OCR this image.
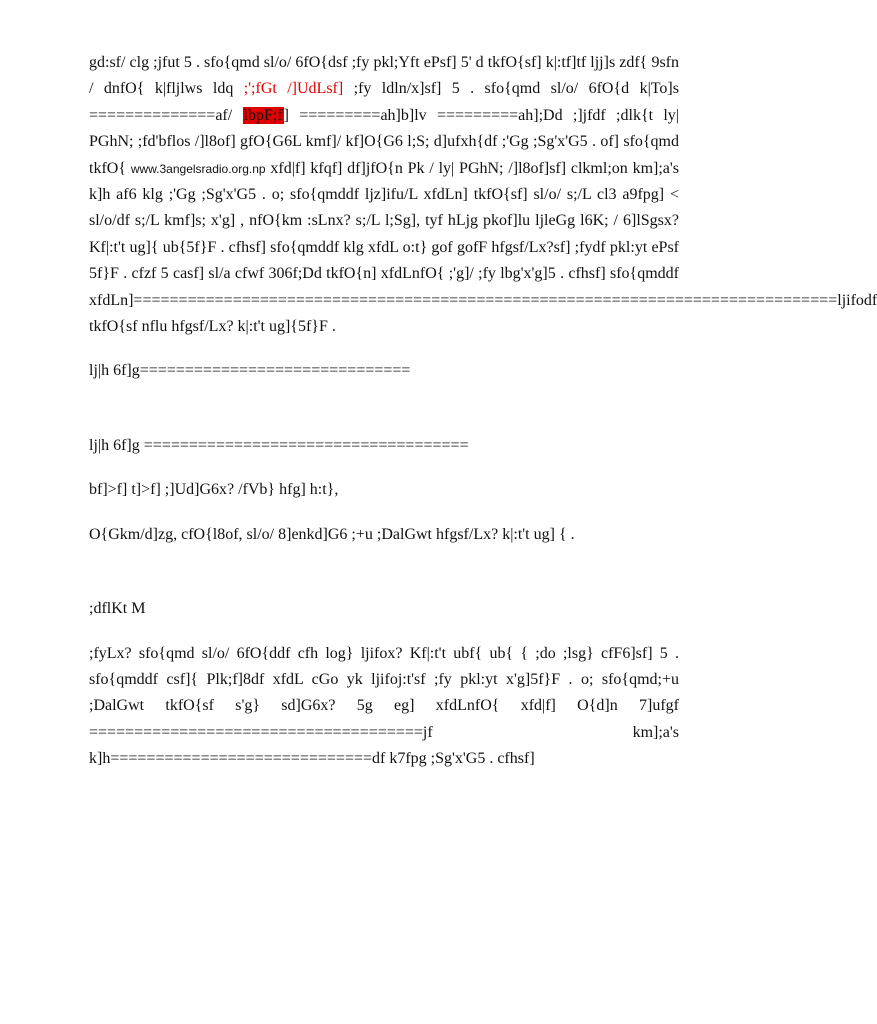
gd:sf/ clg ;jfut 5 . sfo{qmd sl/o/ 6fO{dsf ;fy pkl;Yft ePsf] 5' d tkfO{sf] k|:tf]tf ljj]s zdf{ 9sfn / dnfO{ k|fljlws ldq ;';fGt /]UdLsf] ;fy ldln/x]sf] 5 . sfo{qmd sl/o/ 6fO{d k|To]s ==============af/ lbpF;f] =========ah]b]lv =========ah];Dd ;]jfdf ;dlk{t ly| PGhN; ;fd'bflos /]l8of] gfO{G6L kmf]/ kf]O{G6 l;S; d]ufxh{df ;'Gg ;Sg'x'G5 . of] sfo{qmd tkfO{ www.3angelsradio.org.np xfd|f] kfqf] df]jfO{n Pk / ly| PGhN; /]l8of]sf] clkml;on km];a's k]h af6 klg ;'Gg ;Sg'x'G5 . o; sfo{qmddf ljz]ifu/L xfdLn] tkfO{sf] sl/o/ s;/L cl3 a9fpg] < sl/o/df s;/L kmf]s; x'g] , nfO{km :sLnx? s;/L l;Sg], tyf hLjg pkof]lu ljleGg l6K; / 6]lSgsx? Kf|:t't ug]{ ub{5f}F . cfhsf] sfo{qmddf klg xfdL o:t} gof gofF hfgsf/Lx?sf] ;fydf pkl:yt ePsf 5f}F . cfzf 5 casf] sl/a cfwf 306f;Dd tkfO{n] xfdLnfO{ ;'g]/ ;fy lbg'x'g]5 . cfhsf] sfo{qmddf xfdLn]==============================================================================ljifodf tkfO{sf nflu hfgsf/Lx? k|:t't ug]{5f}F .

lj|h 6f]g==============================

lj|h 6f]g ====================================

bf]>f] t]>f] ;]Ud]G6x? /fVb} hfg] h:t},

O{Gkm/d]zg, cfO{l8of, sl/o/ 8]enkd]G6 ;+u ;DalGwt hfgsf/Lx? k|:t't ug] { .

;dflKt M

;fyLx? sfo{qmd sl/o/ 6fO{ddf cfh log} ljifox? Kf|:t't ubf{ ub{ { ;do ;lsg} cfF6]sf] 5 . sfo{qmddf csf]{ Plk;f]8df xfdL cGo yk ljifoj:t'sf ;fy pkl:yt x'g]5f}F . o; sfo{qmd;+u ;DalGwt tkfO{sf s'g} sd]G6x? 5g eg] xfdLnfO{ xfd|f] O{d]n 7]ufgf =====================================jf km];a's k]h=============================df k7fpg ;Sg'x'G5 . cfhsf]
